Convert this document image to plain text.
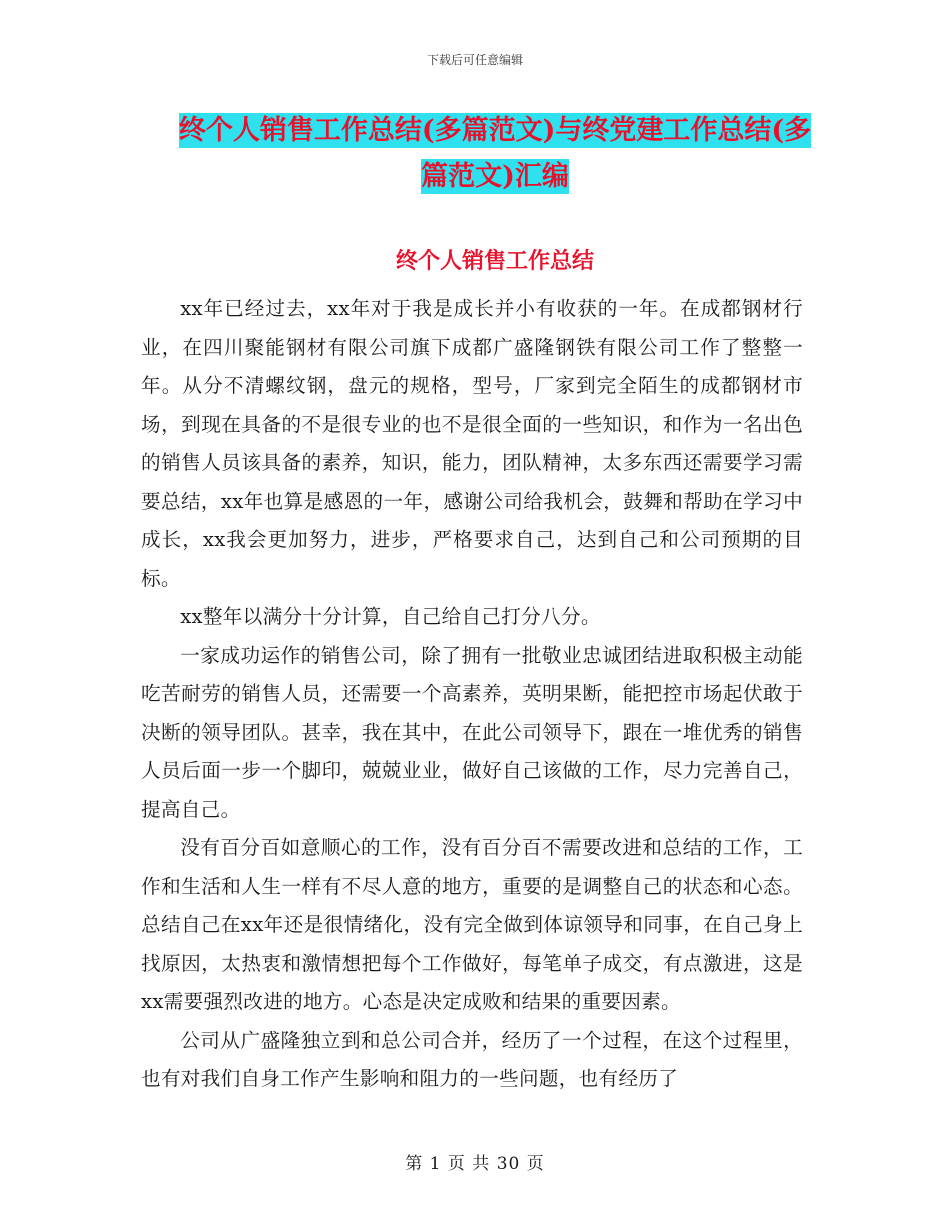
下载后可任意编辑
终个人销售工作总结(多篇范文)与终党建工作总结(多
篇范文)汇编
终个人销售工作总结

xx年已经过去，xx年对于我是成长并小有收获的一年。在成都钢材行业，在四川聚能钢材有限公司旗下成都广盛隆钢铁有限公司工作了整整一年。从分不清螺纹钢，盘元的规格，型号，厂家到完全陌生的成都钢材市场，到现在具备的不是很专业的也不是很全面的一些知识，和作为一名出色的销售人员该具备的素养，知识，能力，团队精神，太多东西还需要学习需要总结，xx年也算是感恩的一年，感谢公司给我机会，鼓舞和帮助在学习中成长，xx我会更加努力，进步，严格要求自己，达到自己和公司预期的目标。

xx整年以满分十分计算，自己给自己打分八分。

一家成功运作的销售公司，除了拥有一批敬业忠诚团结进取积极主动能吃苦耐劳的销售人员，还需要一个高素养，英明果断，能把控市场起伏敢于决断的领导团队。甚幸，我在其中，在此公司领导下，跟在一堆优秀的销售人员后面一步一个脚印，兢兢业业，做好自己该做的工作，尽力完善自己，提高自己。

没有百分百如意顺心的工作，没有百分百不需要改进和总结的工作，工作和生活和人生一样有不尽人意的地方，重要的是调整自己的状态和心态。总结自己在xx年还是很情绪化，没有完全做到体谅领导和同事，在自己身上找原因，太热衷和激情想把每个工作做好，每笔单子成交，有点激进，这是xx需要强烈改进的地方。心态是决定成败和结果的重要因素。

公司从广盛隆独立到和总公司合并，经历了一个过程，在这个过程里，也有对我们自身工作产生影响和阻力的一些问题，也有经历了

第 1 页 共 30 页
